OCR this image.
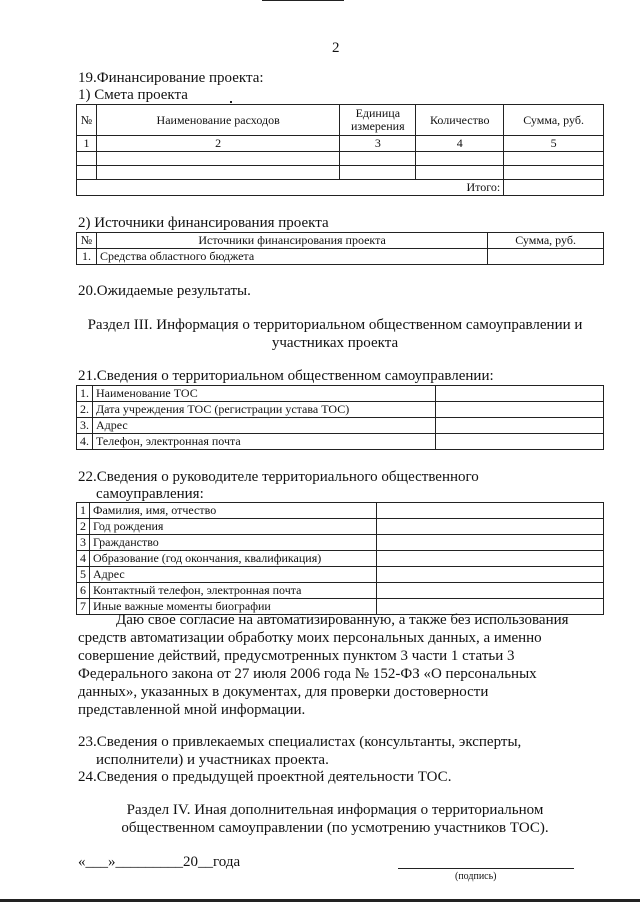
2
19.Финансирование проекта:
1) Смета проекта
№	Наименование расходов	Единица измерения	Количество	Сумма, руб.
1	2	3	4	5

Итого:				
2) Источники финансирования проекта
№	Источники финансирования проекта	Сумма, руб.
1.	Средства областного бюджета	
20.Ожидаемые результаты.
Раздел III. Информация о территориальном общественном самоуправлении и
участниках проекта
21.Сведения о территориальном общественном самоуправлении:
1.	Наименование ТОС	
2.	Дата учреждения ТОС (регистрации устава ТОС)	
3.	Адрес	
4.	Телефон, электронная почта	
22.Сведения о руководителе территориального общественного
самоуправления:
1	Фамилия, имя, отчество	
2	Год рождения	
3	Гражданство	
4	Образование (год окончания, квалификация)	
5	Адрес	
6	Контактный телефон, электронная почта	
7	Иные важные моменты биографии	
Даю свое согласие на автоматизированную, а также без использования
средств автоматизации обработку моих персональных данных, а именно
совершение действий, предусмотренных пунктом 3 части 1 статьи 3
Федерального закона от 27 июля 2006 года № 152-ФЗ «О персональных
данных», указанных в документах, для проверки достоверности
представленной мной информации.
23.Сведения о привлекаемых специалистах (консультанты, эксперты,
исполнители) и участниках проекта.
24.Сведения о предыдущей проектной деятельности ТОС.
Раздел IV. Иная дополнительная информация о территориальном
общественном самоуправлении (по усмотрению участников ТОС).
«___»_________20__года
(подпись)
